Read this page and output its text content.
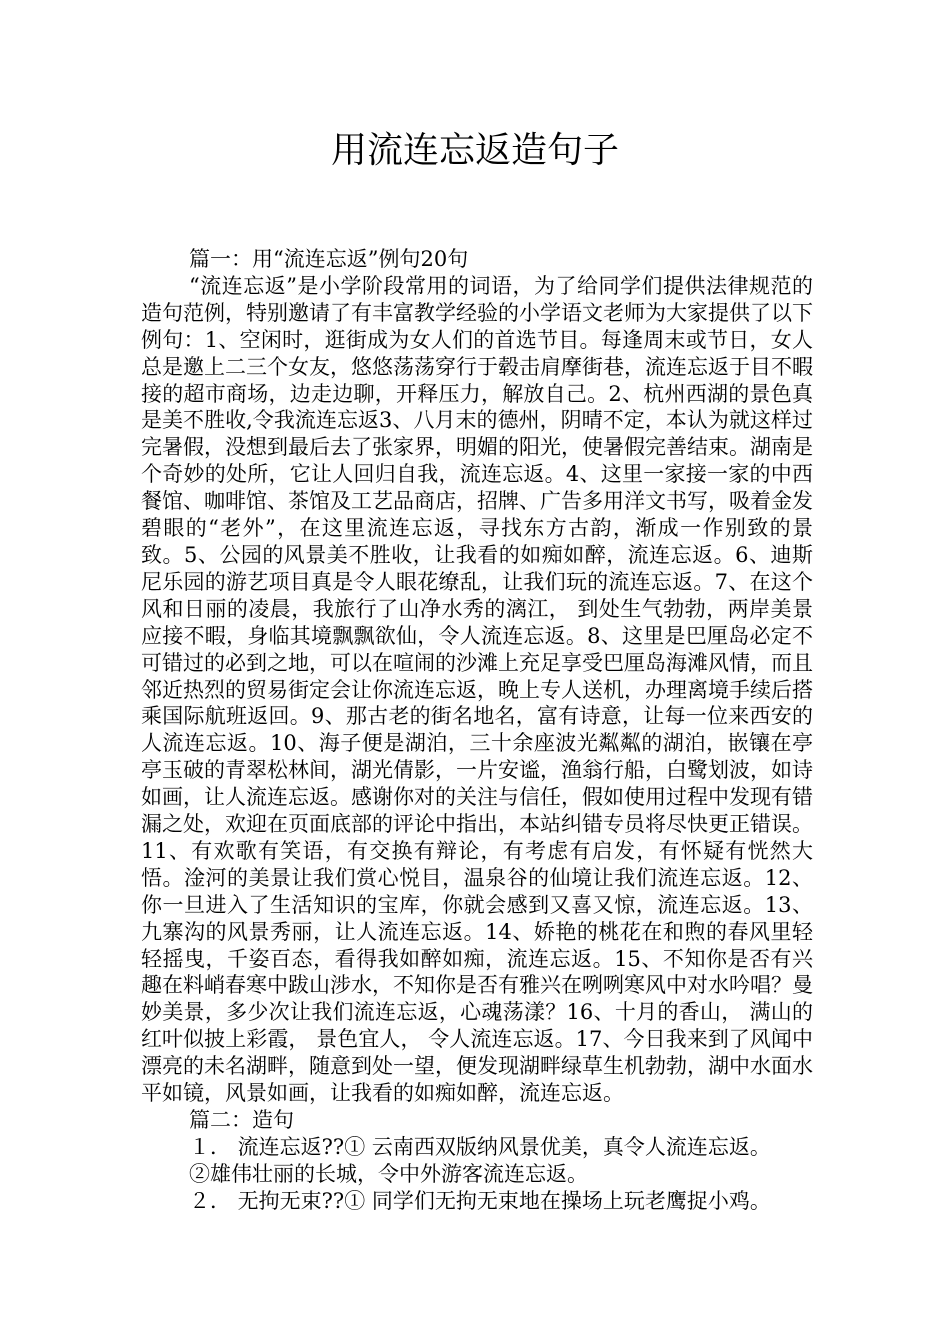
用流连忘返造句子

篇一：用“流连忘返”例句20句

“流连忘返”是小学阶段常用的词语，为了给同学们提供法律规范的造句范例，特别邀请了有丰富教学经验的小学语文老师为大家提供了以下例句：1、空闲时，逛街成为女人们的首选节目。每逢周末或节日，女人总是邀上二三个女友，悠悠荡荡穿行于毂击肩摩街巷，流连忘返于目不暇接的超市商场，边走边聊，开释压力，解放自己。2、杭州西湖的景色真是美不胜收,令我流连忘返3、八月末的德州，阴晴不定，本认为就这样过完暑假，没想到最后去了张家界，明媚的阳光，使暑假完善结束。湖南是个奇妙的处所，它让人回归自我，流连忘返。4、这里一家接一家的中西餐馆、咖啡馆、茶馆及工艺品商店，招牌、广告多用洋文书写，吸着金发碧眼的“老外”，在这里流连忘返，寻找东方古韵，渐成一作别致的景致。5、公园的风景美不胜收，让我看的如痴如醉，流连忘返。6、迪斯尼乐园的游艺项目真是令人眼花缭乱，让我们玩的流连忘返。7、在这个风和日丽的凌晨，我旅行了山净水秀的漓江， 到处生气勃勃，两岸美景应接不暇，身临其境飘飘欲仙，令人流连忘返。8、这里是巴厘岛必定不可错过的必到之地，可以在喧闹的沙滩上充足享受巴厘岛海滩风情，而且邻近热烈的贸易街定会让你流连忘返，晚上专人送机，办理离境手续后搭乘国际航班返回。9、那古老的街名地名，富有诗意，让每一位来西安的人流连忘返。10、海子便是湖泊，三十余座波光粼粼的湖泊，嵌镶在亭亭玉破的青翠松林间，湖光倩影，一片安谧，渔翁行船，白鹭划波，如诗如画，让人流连忘返。感谢你对的关注与信任，假如使用过程中发现有错漏之处，欢迎在页面底部的评论中指出，本站纠错专员将尽快更正错误。11、有欢歌有笑语，有交换有辩论，有考虑有启发，有怀疑有恍然大悟。淦河的美景让我们赏心悦目，温泉谷的仙境让我们流连忘返。12、你一旦进入了生活知识的宝库，你就会感到又喜又惊，流连忘返。13、九寨沟的风景秀丽，让人流连忘返。14、娇艳的桃花在和煦的春风里轻轻摇曳，千姿百态，看得我如醉如痴，流连忘返。15、不知你是否有兴趣在料峭春寒中跋山涉水，不知你是否有雅兴在咧咧寒风中对水吟唱？曼妙美景，多少次让我们流连忘返，心魂荡漾？16、十月的香山， 满山的红叶似披上彩霞， 景色宜人， 令人流连忘返。17、今日我来到了风闻中漂亮的未名湖畔，随意到处一望，便发现湖畔绿草生机勃勃，湖中水面水平如镜，风景如画，让我看的如痴如醉，流连忘返。

篇二：造句

１． 流连忘返??① 云南西双版纳风景优美，真令人流连忘返。

②雄伟壮丽的长城，令中外游客流连忘返。

２． 无拘无束??① 同学们无拘无束地在操场上玩老鹰捉小鸡。
